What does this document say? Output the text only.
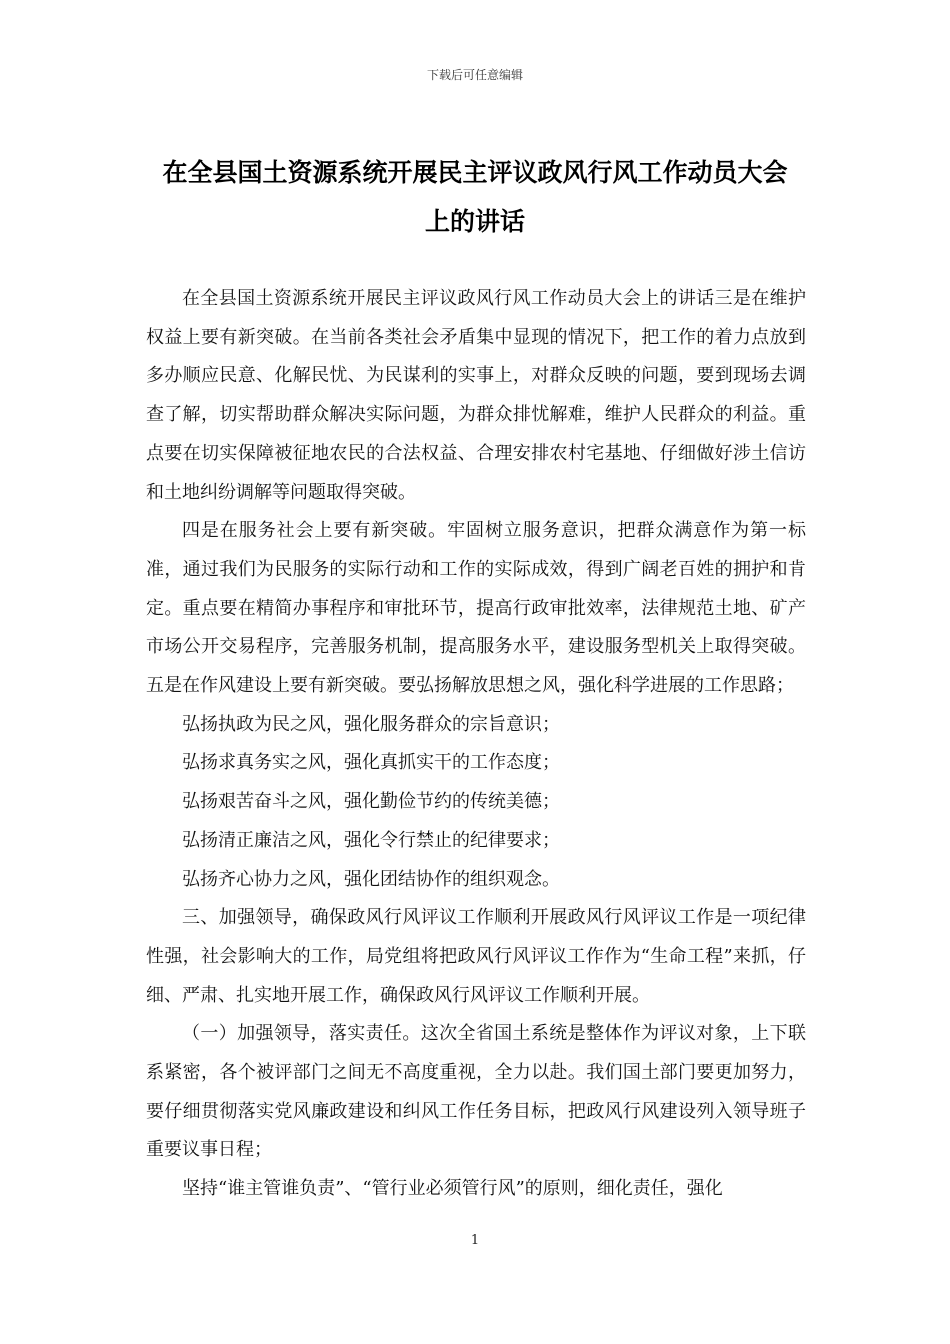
下载后可任意编辑
在全县国土资源系统开展民主评议政风行风工作动员大会
上的讲话

在全县国土资源系统开展民主评议政风行风工作动员大会上的讲话三是在维护权益上要有新突破。在当前各类社会矛盾集中显现的情况下，把工作的着力点放到多办顺应民意、化解民忧、为民谋利的实事上，对群众反映的问题，要到现场去调查了解，切实帮助群众解决实际问题，为群众排忧解难，维护人民群众的利益。重点要在切实保障被征地农民的合法权益、合理安排农村宅基地、仔细做好涉土信访和土地纠纷调解等问题取得突破。

四是在服务社会上要有新突破。牢固树立服务意识，把群众满意作为第一标准，通过我们为民服务的实际行动和工作的实际成效，得到广阔老百姓的拥护和肯定。重点要在精简办事程序和审批环节，提高行政审批效率，法律规范土地、矿产市场公开交易程序，完善服务机制，提高服务水平，建设服务型机关上取得突破。五是在作风建设上要有新突破。要弘扬解放思想之风，强化科学进展的工作思路；

弘扬执政为民之风，强化服务群众的宗旨意识；

弘扬求真务实之风，强化真抓实干的工作态度；

弘扬艰苦奋斗之风，强化勤俭节约的传统美德；

弘扬清正廉洁之风，强化令行禁止的纪律要求；

弘扬齐心协力之风，强化团结协作的组织观念。

三、加强领导，确保政风行风评议工作顺利开展政风行风评议工作是一项纪律性强，社会影响大的工作，局党组将把政风行风评议工作作为“生命工程”来抓，仔细、严肃、扎实地开展工作，确保政风行风评议工作顺利开展。

（一）加强领导，落实责任。这次全省国土系统是整体作为评议对象，上下联系紧密，各个被评部门之间无不高度重视，全力以赴。我们国土部门要更加努力，要仔细贯彻落实党风廉政建设和纠风工作任务目标，把政风行风建设列入领导班子重要议事日程；

坚持“谁主管谁负责”、“管行业必须管行风”的原则，细化责任，强化

1
